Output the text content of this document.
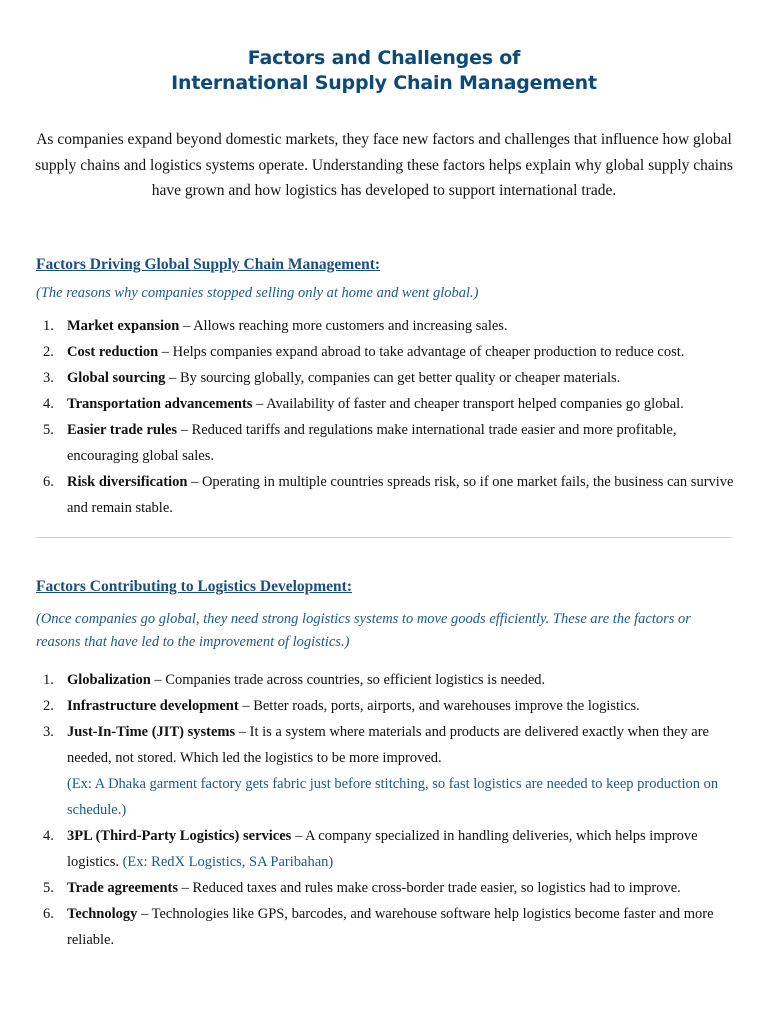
Factors and Challenges of
International Supply Chain Management

As companies expand beyond domestic markets, they face new factors and challenges that influence how global supply chains and logistics systems operate. Understanding these factors helps explain why global supply chains have grown and how logistics has developed to support international trade.

Factors Driving Global Supply Chain Management:
(The reasons why companies stopped selling only at home and went global.)
1. Market expansion – Allows reaching more customers and increasing sales.
2. Cost reduction – Helps companies expand abroad to take advantage of cheaper production to reduce cost.
3. Global sourcing – By sourcing globally, companies can get better quality or cheaper materials.
4. Transportation advancements – Availability of faster and cheaper transport helped companies go global.
5. Easier trade rules – Reduced tariffs and regulations make international trade easier and more profitable, encouraging global sales.
6. Risk diversification – Operating in multiple countries spreads risk, so if one market fails, the business can survive and remain stable.
Factors Contributing to Logistics Development:
(Once companies go global, they need strong logistics systems to move goods efficiently. These are the factors or reasons that have led to the improvement of logistics.)
1. Globalization – Companies trade across countries, so efficient logistics is needed.
2. Infrastructure development – Better roads, ports, airports, and warehouses improve the logistics.
3. Just-In-Time (JIT) systems – It is a system where materials and products are delivered exactly when they are needed, not stored. Which led the logistics to be more improved.
(Ex: A Dhaka garment factory gets fabric just before stitching, so fast logistics are needed to keep production on schedule.)
4. 3PL (Third-Party Logistics) services – A company specialized in handling deliveries, which helps improve logistics. (Ex: RedX Logistics, SA Paribahan)
5. Trade agreements – Reduced taxes and rules make cross-border trade easier, so logistics had to improve.
6. Technology – Technologies like GPS, barcodes, and warehouse software help logistics become faster and more reliable.
